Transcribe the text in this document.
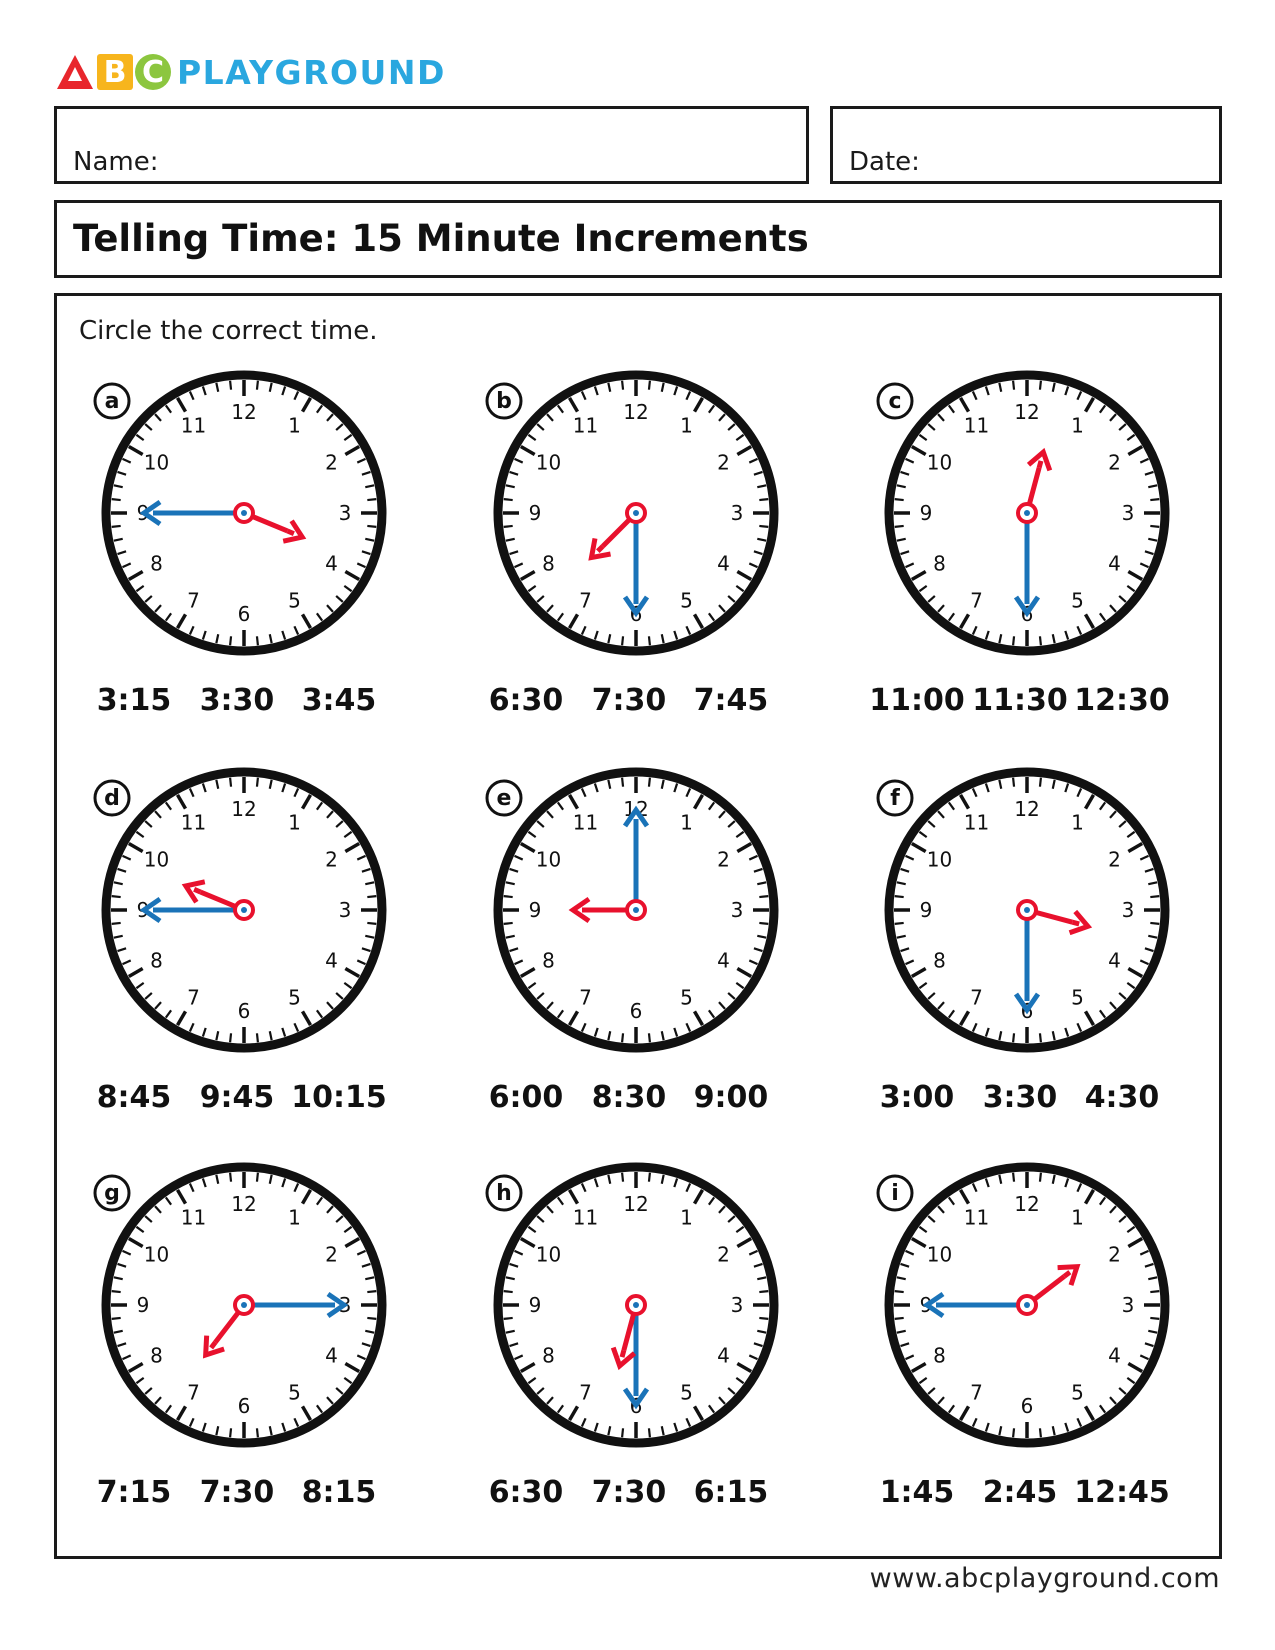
B C PLAYGROUND
Name:	Date:
Telling Time: 15 Minute Increments
Circle the correct time.
1
2
3
4
5
6
7
8
9
10
11
12
a
3:15 3:30 3:45
1
2
3
4
5
6
7
8
9
10
11
12
b
6:30 7:30 7:45
1
2
3
4
5
6
7
8
9
10
11
12
c
11:00 11:30 12:30
1
2
3
4
5
6
7
8
9
10
11
12
d
8:45 9:45 10:15
1
2
3
4
5
6
7
8
9
10
11
12
e
6:00 8:30 9:00
1
2
3
4
5
6
7
8
9
10
11
12
f
3:00 3:30 4:30
1
2
3
4
5
6
7
8
9
10
11
12
g
7:15 7:30 8:15
1
2
3
4
5
6
7
8
9
10
11
12
h
6:30 7:30 6:15
1
2
3
4
5
6
7
8
9
10
11
12
i
1:45 2:45 12:45
www.abcplayground.com
